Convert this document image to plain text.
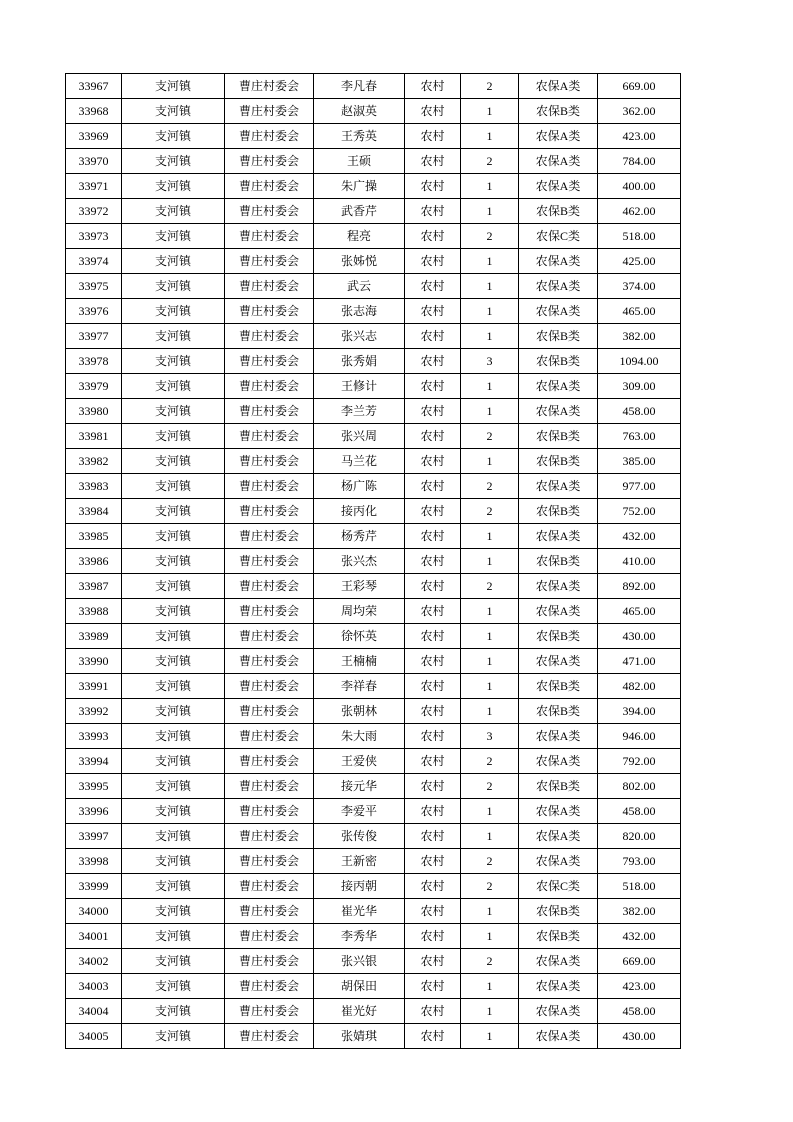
33967	支河镇	曹庄村委会	李凡春	农村	2	农保A类	669.00
33968	支河镇	曹庄村委会	赵淑英	农村	1	农保B类	362.00
33969	支河镇	曹庄村委会	王秀英	农村	1	农保A类	423.00
33970	支河镇	曹庄村委会	王硕	农村	2	农保A类	784.00
33971	支河镇	曹庄村委会	朱广操	农村	1	农保A类	400.00
33972	支河镇	曹庄村委会	武香芹	农村	1	农保B类	462.00
33973	支河镇	曹庄村委会	程亮	农村	2	农保C类	518.00
33974	支河镇	曹庄村委会	张姊悦	农村	1	农保A类	425.00
33975	支河镇	曹庄村委会	武云	农村	1	农保A类	374.00
33976	支河镇	曹庄村委会	张志海	农村	1	农保A类	465.00
33977	支河镇	曹庄村委会	张兴志	农村	1	农保B类	382.00
33978	支河镇	曹庄村委会	张秀娟	农村	3	农保B类	1094.00
33979	支河镇	曹庄村委会	王修计	农村	1	农保A类	309.00
33980	支河镇	曹庄村委会	李兰芳	农村	1	农保A类	458.00
33981	支河镇	曹庄村委会	张兴周	农村	2	农保B类	763.00
33982	支河镇	曹庄村委会	马兰花	农村	1	农保B类	385.00
33983	支河镇	曹庄村委会	杨广陈	农村	2	农保A类	977.00
33984	支河镇	曹庄村委会	接丙化	农村	2	农保B类	752.00
33985	支河镇	曹庄村委会	杨秀芹	农村	1	农保A类	432.00
33986	支河镇	曹庄村委会	张兴杰	农村	1	农保B类	410.00
33987	支河镇	曹庄村委会	王彩琴	农村	2	农保A类	892.00
33988	支河镇	曹庄村委会	周均荣	农村	1	农保A类	465.00
33989	支河镇	曹庄村委会	徐怀英	农村	1	农保B类	430.00
33990	支河镇	曹庄村委会	王楠楠	农村	1	农保A类	471.00
33991	支河镇	曹庄村委会	李祥春	农村	1	农保B类	482.00
33992	支河镇	曹庄村委会	张朝林	农村	1	农保B类	394.00
33993	支河镇	曹庄村委会	朱大雨	农村	3	农保A类	946.00
33994	支河镇	曹庄村委会	王爱侠	农村	2	农保A类	792.00
33995	支河镇	曹庄村委会	接元华	农村	2	农保B类	802.00
33996	支河镇	曹庄村委会	李爱平	农村	1	农保A类	458.00
33997	支河镇	曹庄村委会	张传俊	农村	1	农保A类	820.00
33998	支河镇	曹庄村委会	王新密	农村	2	农保A类	793.00
33999	支河镇	曹庄村委会	接丙朝	农村	2	农保C类	518.00
34000	支河镇	曹庄村委会	崔光华	农村	1	农保B类	382.00
34001	支河镇	曹庄村委会	李秀华	农村	1	农保B类	432.00
34002	支河镇	曹庄村委会	张兴银	农村	2	农保A类	669.00
34003	支河镇	曹庄村委会	胡保田	农村	1	农保A类	423.00
34004	支河镇	曹庄村委会	崔光好	农村	1	农保A类	458.00
34005	支河镇	曹庄村委会	张婧琪	农村	1	农保A类	430.00
